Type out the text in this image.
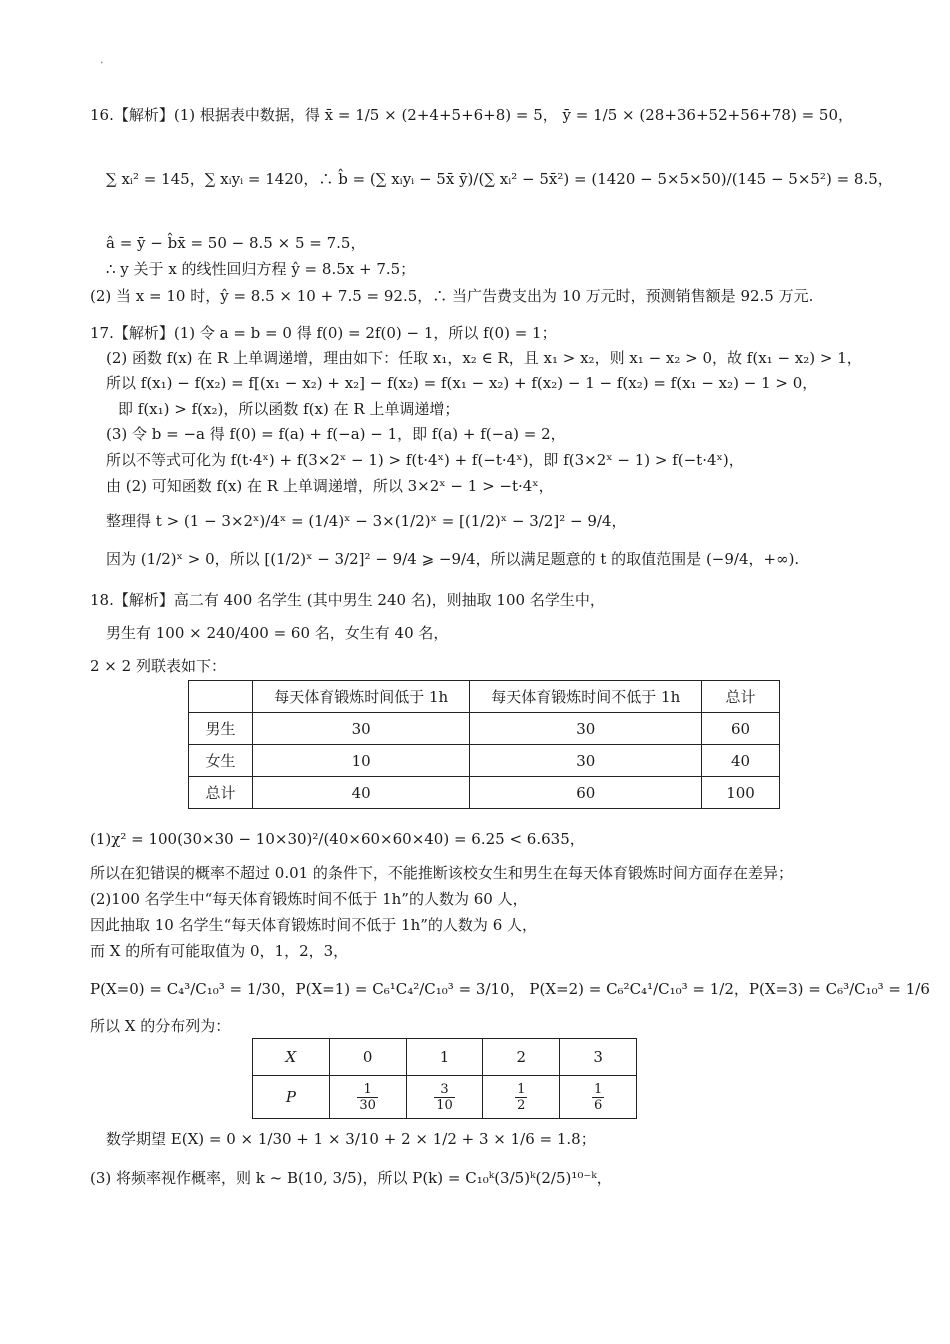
•
16.【解析】(1) 根据表中数据，得 x̄ = 1/5 × (2+4+5+6+8) = 5， ȳ = 1/5 × (28+36+52+56+78) = 50，
∑ xᵢ² = 145，∑ xᵢyᵢ = 1420，∴ b̂ = (∑ xᵢyᵢ − 5x̄ ȳ)/(∑ xᵢ² − 5x̄²) = (1420 − 5×5×50)/(145 − 5×5²) = 8.5，
â = ȳ − b̂x̄ = 50 − 8.5 × 5 = 7.5，
∴ y 关于 x 的线性回归方程 ŷ = 8.5x + 7.5；
(2) 当 x = 10 时，ŷ = 8.5 × 10 + 7.5 = 92.5，∴ 当广告费支出为 10 万元时，预测销售额是 92.5 万元.
17.【解析】(1) 令 a = b = 0 得 f(0) = 2f(0) − 1，所以 f(0) = 1；
(2) 函数 f(x) 在 R 上单调递增，理由如下：任取 x₁，x₂ ∈ R，且 x₁ > x₂，则 x₁ − x₂ > 0，故 f(x₁ − x₂) > 1，
所以 f(x₁) − f(x₂) = f[(x₁ − x₂) + x₂] − f(x₂) = f(x₁ − x₂) + f(x₂) − 1 − f(x₂) = f(x₁ − x₂) − 1 > 0，
即 f(x₁) > f(x₂)，所以函数 f(x) 在 R 上单调递增；
(3) 令 b = −a 得 f(0) = f(a) + f(−a) − 1，即 f(a) + f(−a) = 2，
所以不等式可化为 f(t·4ˣ) + f(3×2ˣ − 1) > f(t·4ˣ) + f(−t·4ˣ)，即 f(3×2ˣ − 1) > f(−t·4ˣ)，
由 (2) 可知函数 f(x) 在 R 上单调递增，所以 3×2ˣ − 1 > −t·4ˣ，
整理得 t > (1 − 3×2ˣ)/4ˣ = (1/4)ˣ − 3×(1/2)ˣ = [(1/2)ˣ − 3/2]² − 9/4，
因为 (1/2)ˣ > 0，所以 [(1/2)ˣ − 3/2]² − 9/4 ⩾ −9/4，所以满足题意的 t 的取值范围是 (−9/4，+∞).
18.【解析】高二有 400 名学生 (其中男生 240 名)，则抽取 100 名学生中，
男生有 100 × 240/400 = 60 名，女生有 40 名，
2 × 2 列联表如下：
	每天体育锻炼时间低于 1h	每天体育锻炼时间不低于 1h	总计
男生	30	30	60
女生	10	30	40
总计	40	60	100
(1)χ² = 100(30×30 − 10×30)²/(40×60×60×40) = 6.25 < 6.635，
所以在犯错误的概率不超过 0.01 的条件下，不能推断该校女生和男生在每天体育锻炼时间方面存在差异；
(2)100 名学生中“每天体育锻炼时间不低于 1h”的人数为 60 人，
因此抽取 10 名学生“每天体育锻炼时间不低于 1h”的人数为 6 人，
而 X 的所有可能取值为 0，1，2，3，
P(X=0) = C₄³/C₁₀³ = 1/30，P(X=1) = C₆¹C₄²/C₁₀³ = 3/10， P(X=2) = C₆²C₄¹/C₁₀³ = 1/2，P(X=3) = C₆³/C₁₀³ = 1/6
所以 X 的分布列为：
X	0	1	2	3
P	$\frac{1}{30}$	$\frac{3}{10}$	$\frac{1}{2}$	$\frac{1}{6}$
数学期望 E(X) = 0 × 1/30 + 1 × 3/10 + 2 × 1/2 + 3 × 1/6 = 1.8；
(3) 将频率视作概率，则 k ~ B(10, 3/5)，所以 P(k) = C₁₀ᵏ(3/5)ᵏ(2/5)¹⁰⁻ᵏ，
